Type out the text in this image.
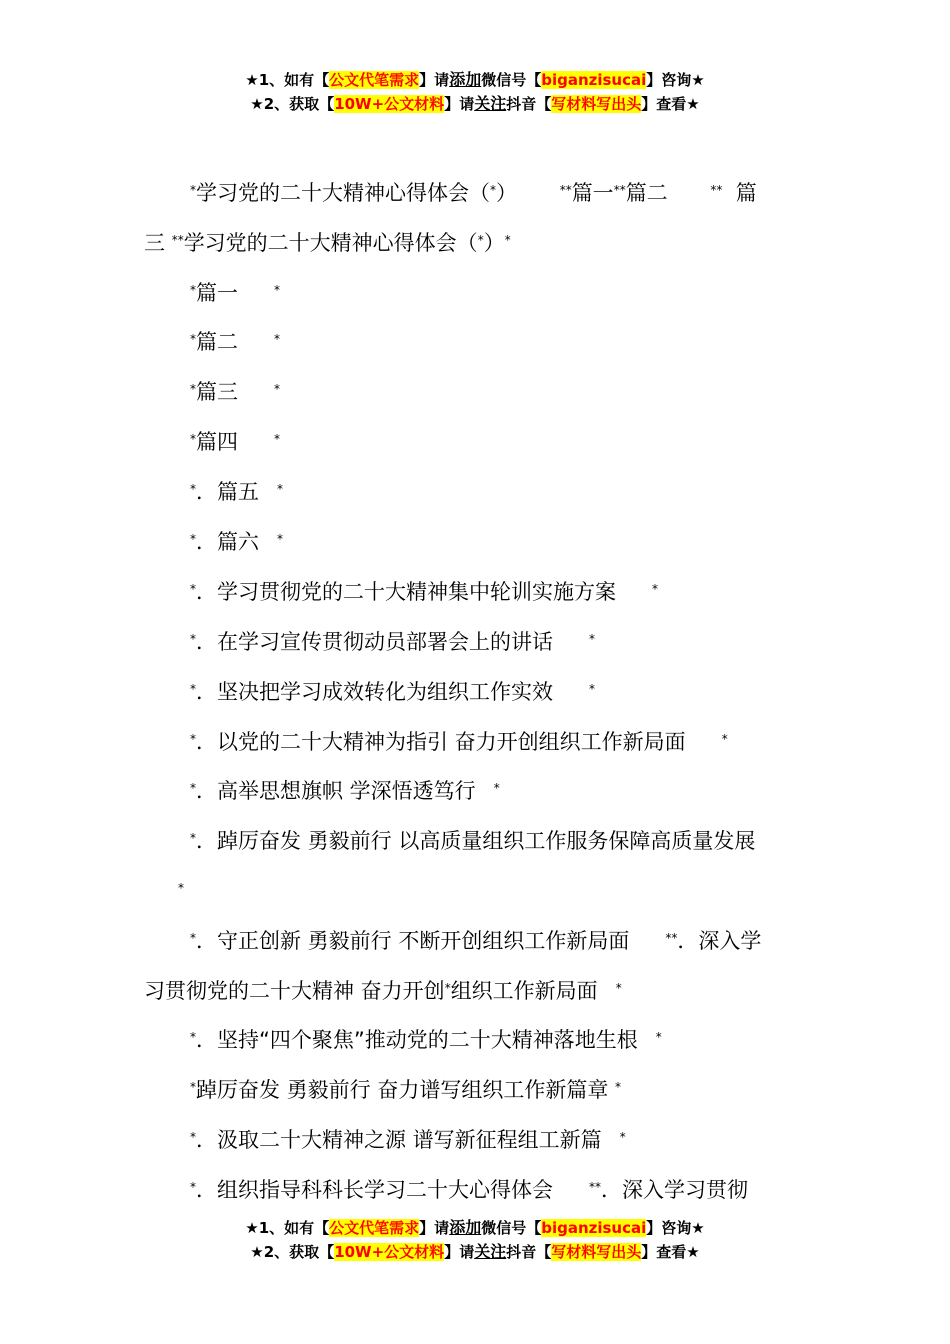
★1、如有【公文代笔需求】请添加微信号【biganzisucai】咨询★
★2、获取【10W+公文材料】请关注抖音【写材料写出头】查看★
*学习党的二十大精神心得体会（*）	**篇一**篇二	** 篇
三 **学习党的二十大精神心得体会（*）*
*篇一	*
*篇二	*
*篇三	*
*篇四	*
*．篇五 *
*．篇六 *
*．学习贯彻党的二十大精神集中轮训实施方案	*
*．在学习宣传贯彻动员部署会上的讲话	*
*．坚决把学习成效转化为组织工作实效	*
*．以党的二十大精神为指引 奋力开创组织工作新局面	*
*．高举思想旗帜 学深悟透笃行 *
*．踔厉奋发 勇毅前行 以高质量组织工作服务保障高质量发展
*
*．守正创新 勇毅前行 不断开创组织工作新局面	**．深入学
习贯彻党的二十大精神 奋力开创*组织工作新局面 *
*．坚持“四个聚焦”推动党的二十大精神落地生根 *
*踔厉奋发 勇毅前行 奋力谱写组织工作新篇章 *
*．汲取二十大精神之源 谱写新征程组工新篇 *
*．组织指导科科长学习二十大心得体会	**．深入学习贯彻
★1、如有【公文代笔需求】请添加微信号【biganzisucai】咨询★
★2、获取【10W+公文材料】请关注抖音【写材料写出头】查看★
